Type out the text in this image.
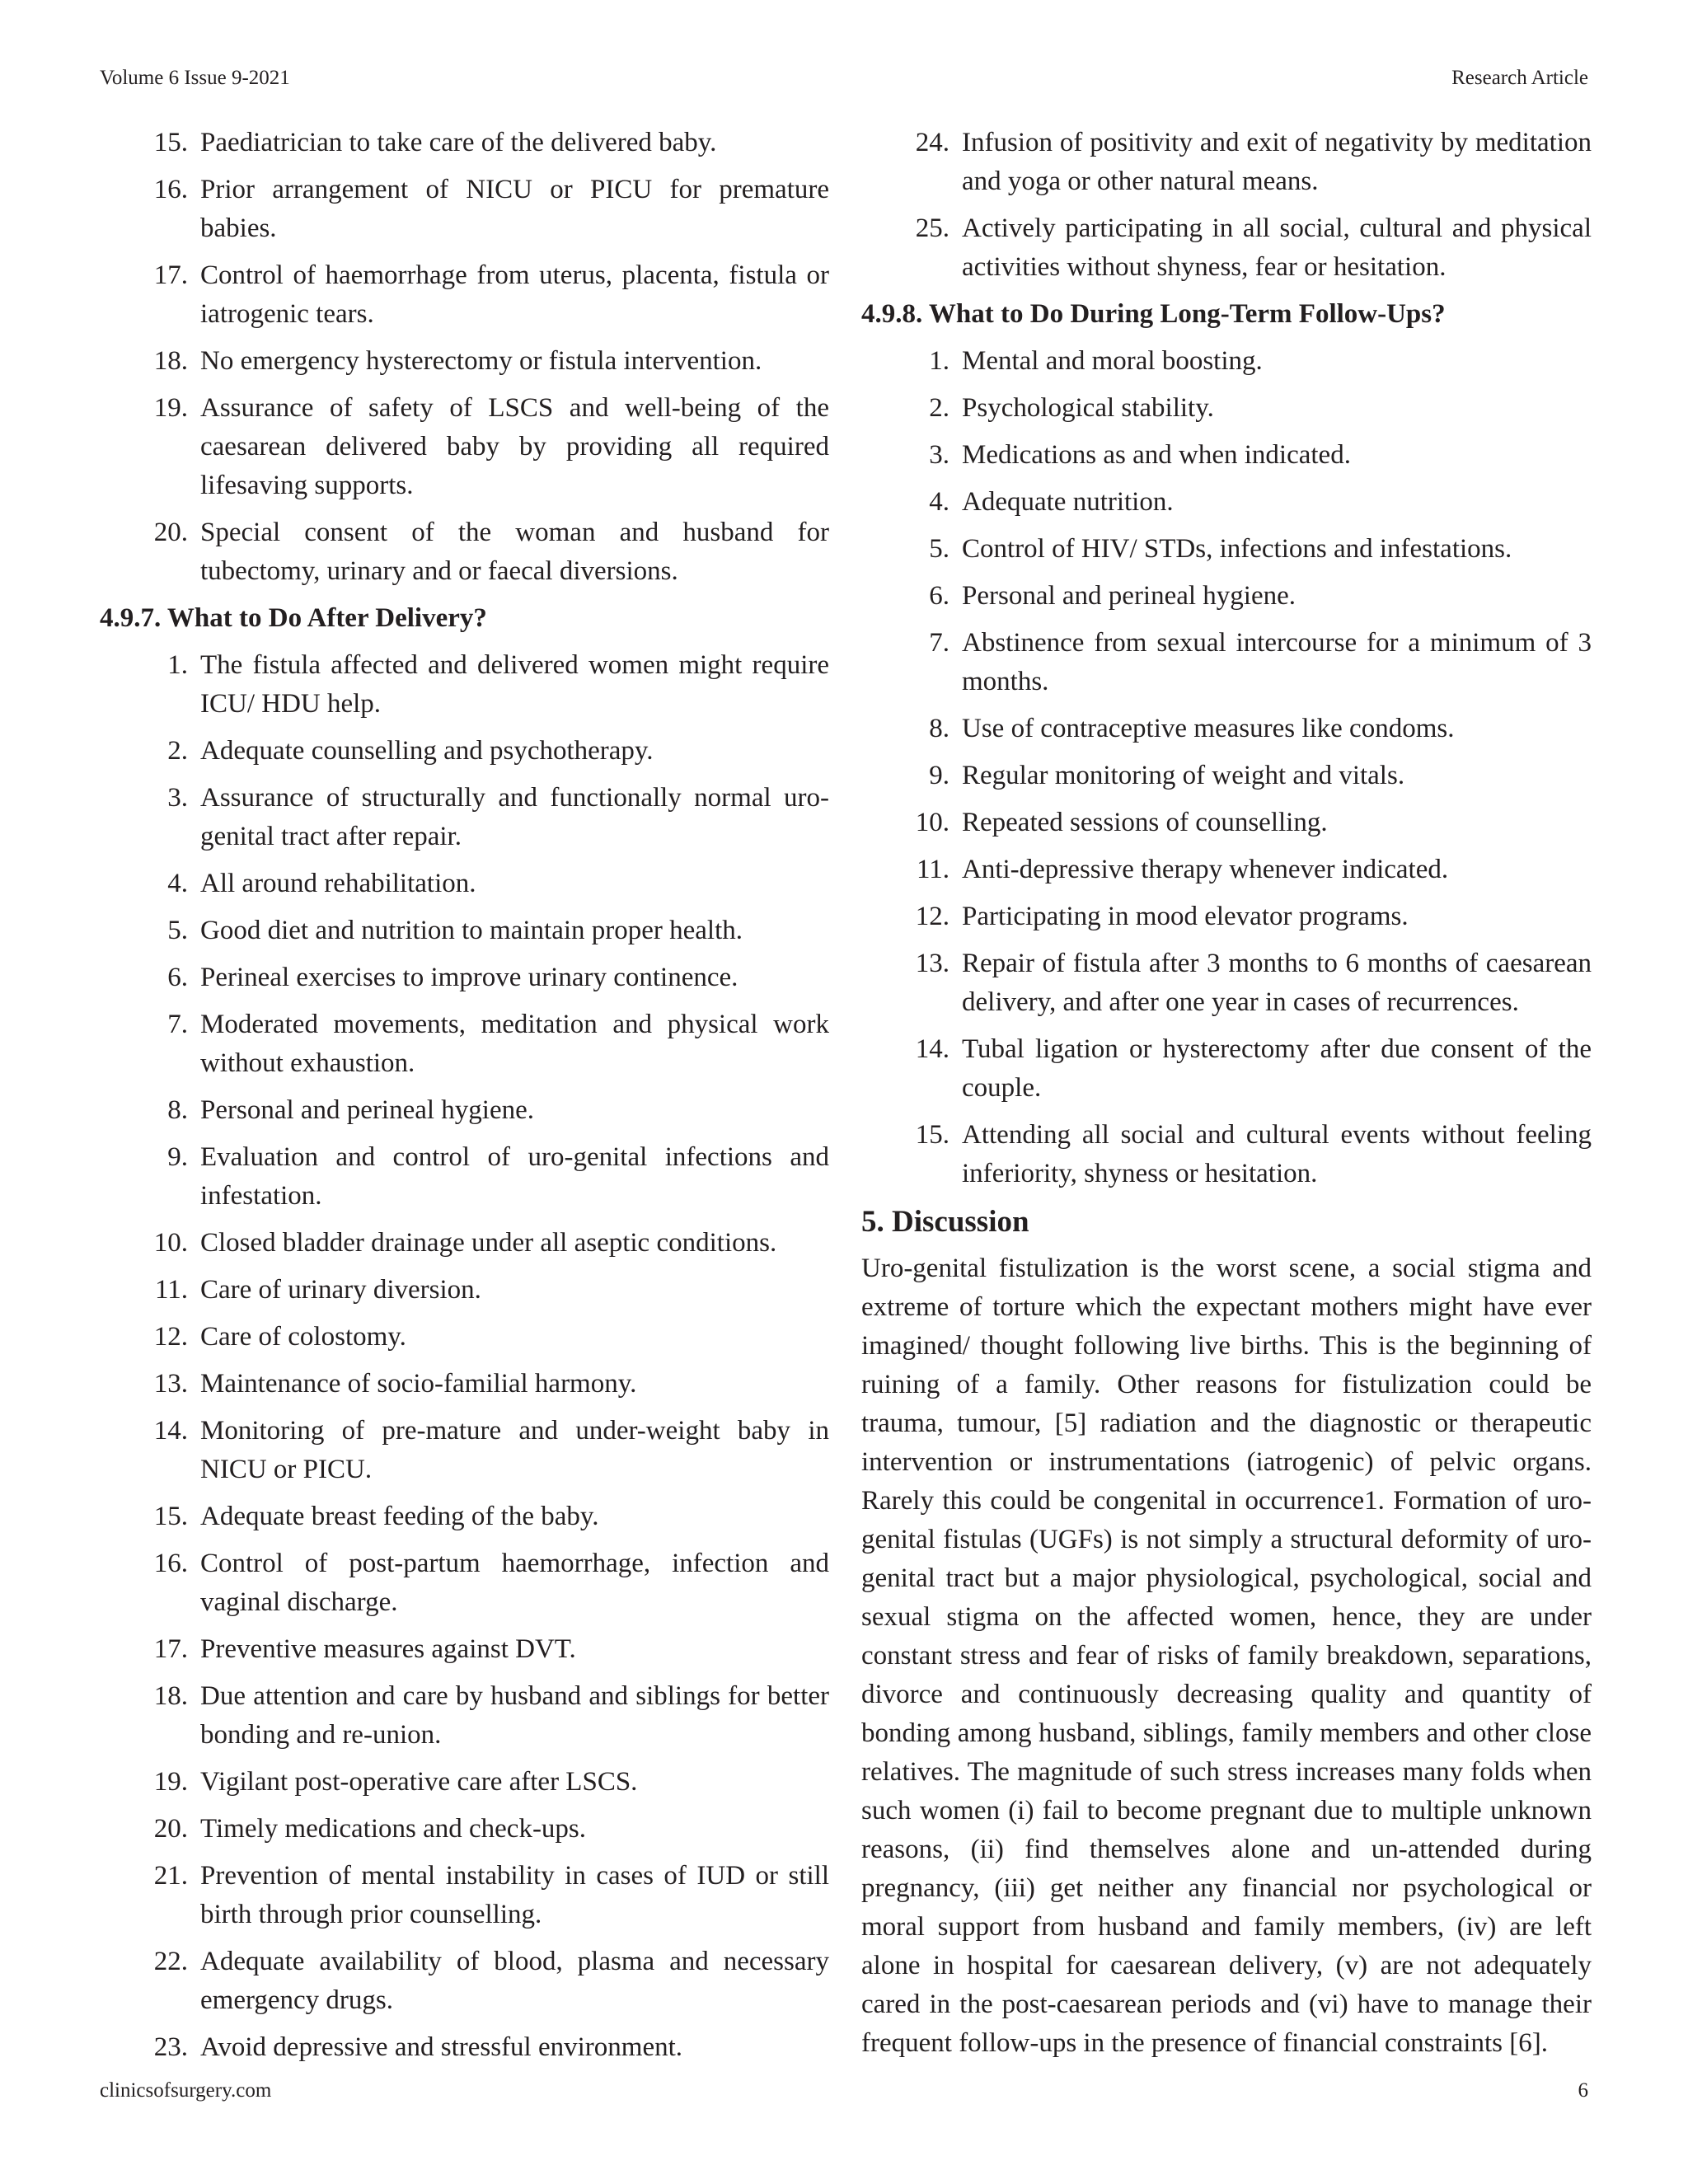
Volume 6 Issue 9-2021	Research Article
15. Paediatrician to take care of the delivered baby.
16. Prior arrangement of NICU or PICU for premature babies.
17. Control of haemorrhage from uterus, placenta, fistula or iatrogenic tears.
18. No emergency hysterectomy or fistula intervention.
19. Assurance of safety of LSCS and well-being of the caesarean delivered baby by providing all required lifesaving supports.
20. Special consent of the woman and husband for tubectomy, urinary and or faecal diversions.
4.9.7. What to Do After Delivery?
1. The fistula affected and delivered women might require ICU/ HDU help.
2. Adequate counselling and psychotherapy.
3. Assurance of structurally and functionally normal uro-genital tract after repair.
4. All around rehabilitation.
5. Good diet and nutrition to maintain proper health.
6. Perineal exercises to improve urinary continence.
7. Moderated movements, meditation and physical work without exhaustion.
8. Personal and perineal hygiene.
9. Evaluation and control of uro-genital infections and infestation.
10. Closed bladder drainage under all aseptic conditions.
11. Care of urinary diversion.
12. Care of colostomy.
13. Maintenance of socio-familial harmony.
14. Monitoring of pre-mature and under-weight baby in NICU or PICU.
15. Adequate breast feeding of the baby.
16. Control of post-partum haemorrhage, infection and vaginal discharge.
17. Preventive measures against DVT.
18. Due attention and care by husband and siblings for better bonding and re-union.
19. Vigilant post-operative care after LSCS.
20. Timely medications and check-ups.
21. Prevention of mental instability in cases of IUD or still birth through prior counselling.
22. Adequate availability of blood, plasma and necessary emergency drugs.
23. Avoid depressive and stressful environment.
24. Infusion of positivity and exit of negativity by meditation and yoga or other natural means.
25. Actively participating in all social, cultural and physical activities without shyness, fear or hesitation.
4.9.8. What to Do During Long-Term Follow-Ups?
1. Mental and moral boosting.
2. Psychological stability.
3. Medications as and when indicated.
4. Adequate nutrition.
5. Control of HIV/ STDs, infections and infestations.
6. Personal and perineal hygiene.
7. Abstinence from sexual intercourse for a minimum of 3 months.
8. Use of contraceptive measures like condoms.
9. Regular monitoring of weight and vitals.
10. Repeated sessions of counselling.
11. Anti-depressive therapy whenever indicated.
12. Participating in mood elevator programs.
13. Repair of fistula after 3 months to 6 months of caesarean delivery, and after one year in cases of recurrences.
14. Tubal ligation or hysterectomy after due consent of the couple.
15. Attending all social and cultural events without feeling inferiority, shyness or hesitation.
5. Discussion

Uro-genital fistulization is the worst scene, a social stigma and extreme of torture which the expectant mothers might have ever imagined/ thought following live births. This is the beginning of ruining of a family. Other reasons for fistulization could be trauma, tumour, [5] radiation and the diagnostic or therapeutic intervention or instrumentations (iatrogenic) of pelvic organs. Rarely this could be congenital in occurrence1. Formation of uro-genital fistulas (UGFs) is not simply a structural deformity of uro-genital tract but a major physiological, psychological, social and sexual stigma on the affected women, hence, they are under constant stress and fear of risks of family breakdown, separations, divorce and continuously decreasing quality and quantity of bonding among husband, siblings, family members and other close relatives. The magnitude of such stress increases many folds when such women (i) fail to become pregnant due to multiple unknown reasons, (ii) find themselves alone and un-attended during pregnancy, (iii) get neither any financial nor psychological or moral support from husband and family members, (iv) are left alone in hospital for caesarean delivery, (v) are not adequately cared in the post-caesarean periods and (vi) have to manage their frequent follow-ups in the presence of financial constraints [6].

clinicsofsurgery.com	6
